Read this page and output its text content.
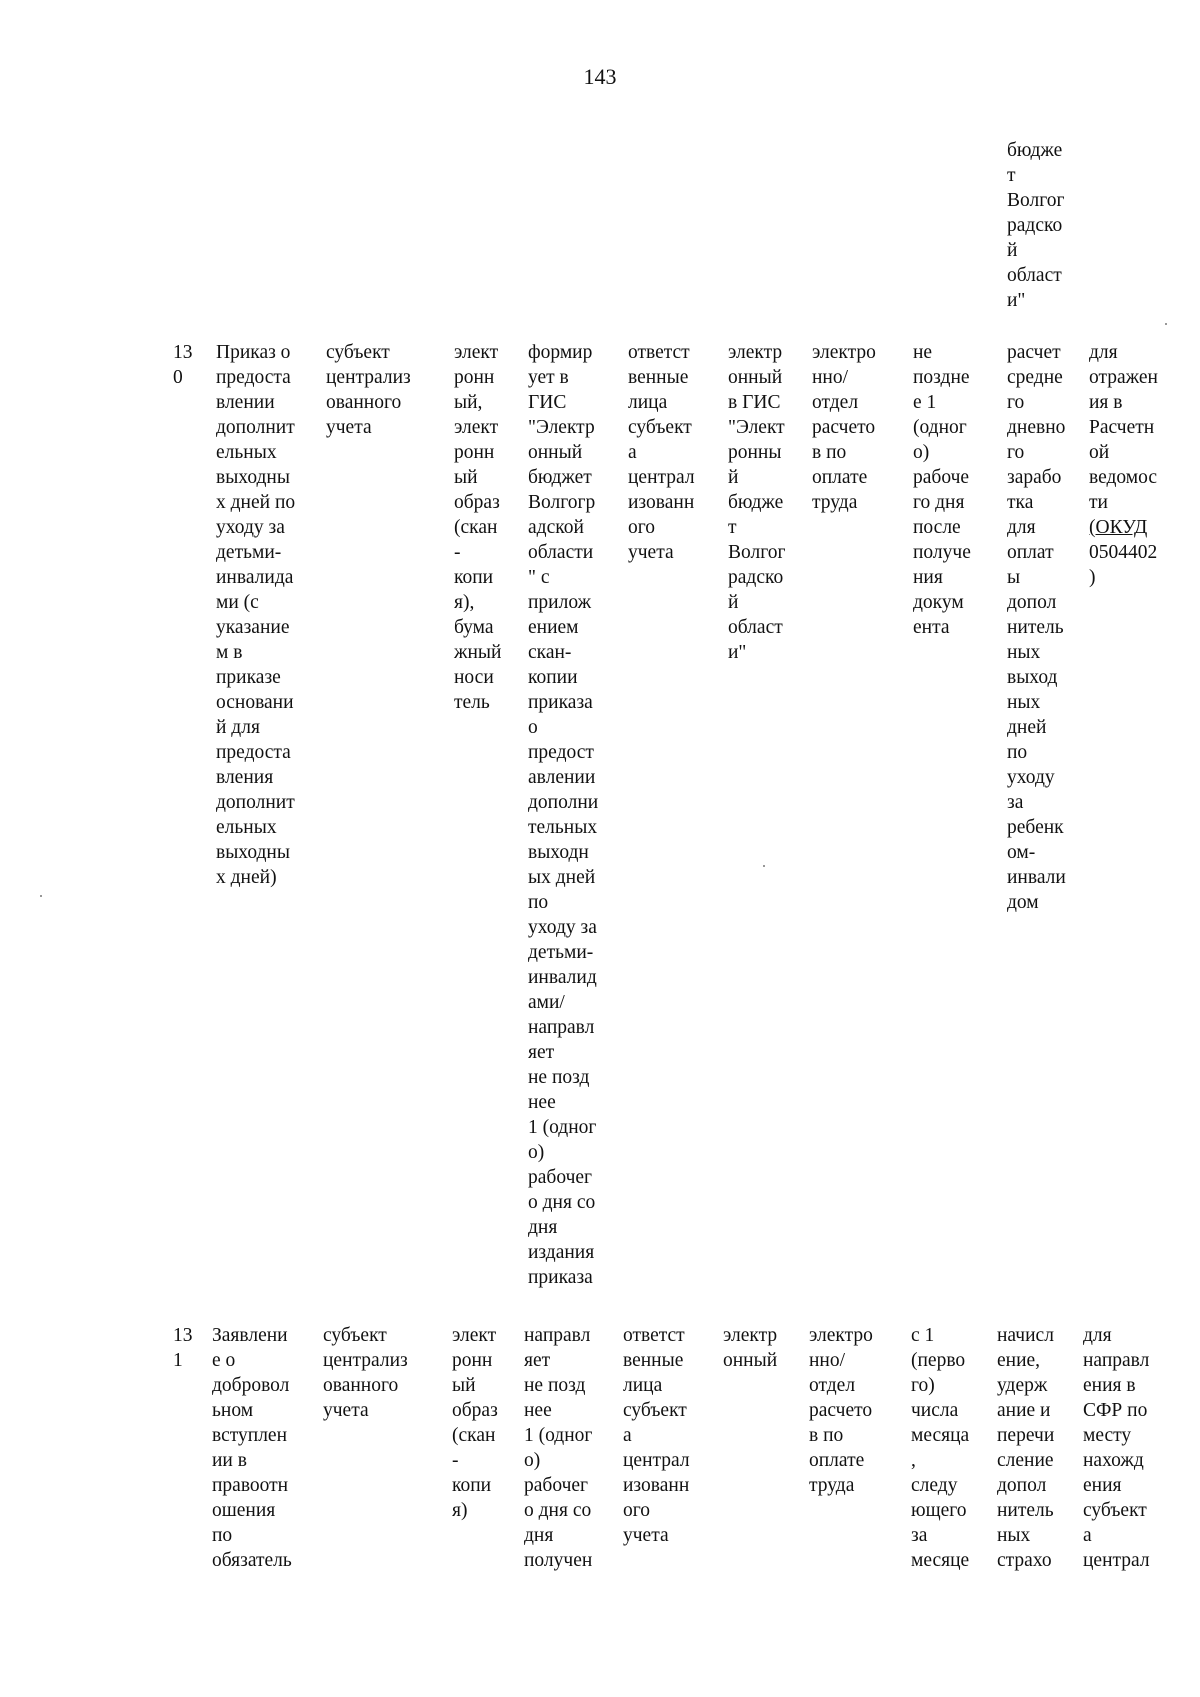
143
бюдже
т
Волгог
радско
й
област
и"
13
0
Приказ о
предоста
влении
дополнит
ельных
выходны
х дней по
уходу за
детьми-
инвалида
ми (с
указание
м в
приказе
основани
й для
предоста
вления
дополнит
ельных
выходны
х дней)
субъект
централиз
ованного
учета
элект
ронн
ый,
элект
ронн
ый
образ
(скан
-
копи
я),
бума
жный
носи
тель
формир
ует в
ГИС
"Электр
онный
бюджет
Волгогр
адской
области
" с
прилож
ением
скан-
копии
приказа
о
предост
авлении
дополни
тельных
выходн
ых дней
по
уходу за
детьми-
инвалид
ами/
направл
яет
не позд
нее
1 (одног
о)
рабочег
о дня со
дня
издания
приказа
ответст
венные
лица
субъект
а
централ
изованн
ого
учета
электр
онный
в ГИС
"Элект
ронны
й
бюдже
т
Волгог
радско
й
област
и"
электро
нно/
отдел
расчето
в по
оплате
труда
не
поздне
е 1
(одног
о)
рабоче
го дня
после
получе
ния
докум
ента
расчет
средне
го
дневно
го
зарабо
тка
для
оплат
ы
допол
нитель
ных
выход
ных
дней
по
уходу
за
ребенк
ом-
инвали
дом
для
отражен
ия в
Расчетн
ой
ведомос
ти
(ОКУД
0504402
)
13
1
Заявлени
е о
добровол
ьном
вступлен
ии в
правоотн
ошения
по
обязатель
субъект
централиз
ованного
учета
элект
ронн
ый
образ
(скан
-
копи
я)
направл
яет
не позд
нее
1 (одног
о)
рабочег
о дня со
дня
получен
ответст
венные
лица
субъект
а
централ
изованн
ого
учета
электр
онный
электро
нно/
отдел
расчето
в по
оплате
труда
с 1
(перво
го)
числа
месяца
,
следу
ющего
за
месяце
начисл
ение,
удерж
ание и
перечи
сление
допол
нитель
ных
страхо
для
направл
ения в
СФР по
месту
нахожд
ения
субъект
а
централ
